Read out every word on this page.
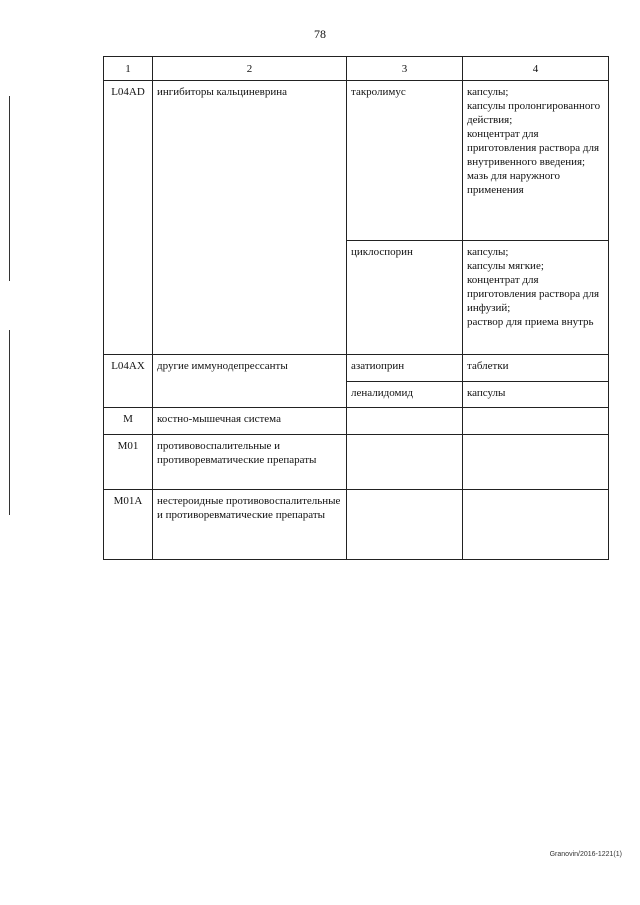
78
1	2	3	4
L04AD	ингибиторы кальциневрина	такролимус	капсулы;
капсулы пролонгированного действия;
концентрат для приготовления раствора для внутривенного введения;
мазь для наружного применения

		циклоспорин	капсулы;
капсулы мягкие;
концентрат для приготовления раствора для инфузий;
раствор для приема внутрь

L04AX	другие иммунодепрессанты	азатиоприн	таблетки

		леналидомид	капсулы

M	костно-мышечная система		
M01	противовоспалительные и противоревматические препараты		
M01A	нестероидные противовоспалительные и противоревматические препараты		
Granovin/2016-1221(1)
